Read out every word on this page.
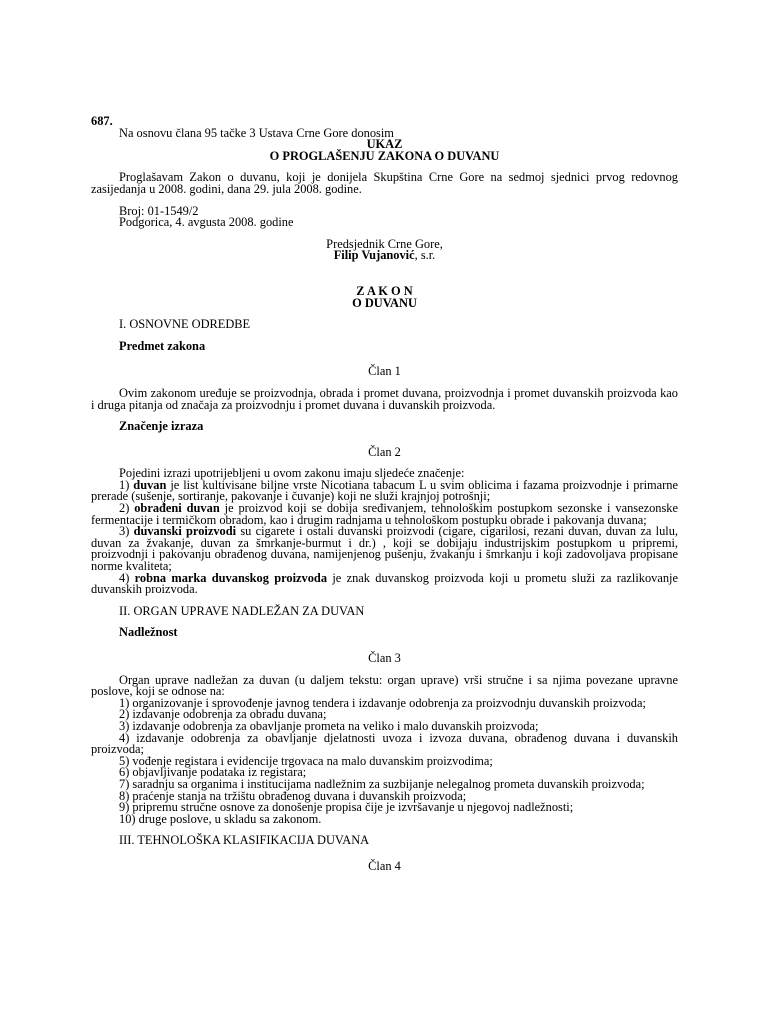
687.

Na osnovu člana 95 tačke 3 Ustava Crne Gore donosim

UKAZ

O PROGLAŠENJU ZAKONA O DUVANU

Proglašavam Zakon o duvanu, koji je donijela Skupština Crne Gore na sedmoj sjednici prvog redovnog zasijedanja u 2008. godini, dana 29. jula 2008. godine.

Broj: 01-1549/2

Podgorica, 4. avgusta 2008. godine

Predsjednik Crne Gore,

Filip Vujanović, s.r.

Z A K O N

O DUVANU

I. OSNOVNE ODREDBE

Predmet zakona

Član 1

Ovim zakonom uređuje se proizvodnja, obrada i promet duvana, proizvodnja i promet duvanskih proizvoda kao i druga pitanja od značaja za proizvodnju i promet duvana i duvanskih proizvoda.

Značenje izraza

Član 2

Pojedini izrazi upotrijebljeni u ovom zakonu imaju sljedeće značenje:

1) duvan je list kultivisane biljne vrste Nicotiana tabacum L u svim oblicima i fazama proizvodnje i primarne prerade (sušenje, sortiranje, pakovanje i čuvanje) koji ne služi krajnjoj potrošnji;

2) obrađeni duvan je proizvod koji se dobija sređivanjem, tehnološkim postupkom sezonske i vansezonske fermentacije i termičkom obradom, kao i drugim radnjama u tehnološkom postupku obrade i pakovanja duvana;

3) duvanski proizvodi su cigarete i ostali duvanski proizvodi (cigare, cigarilosi, rezani duvan, duvan za lulu, duvan za žvakanje, duvan za šmrkanje-burmut i dr.) , koji se dobijaju industrijskim postupkom u pripremi, proizvodnji i pakovanju obrađenog duvana, namijenjenog pušenju, žvakanju i šmrkanju i koji zadovoljava propisane norme kvaliteta;

4) robna marka duvanskog proizvoda je znak duvanskog proizvoda koji u prometu služi za razlikovanje duvanskih proizvoda.

II. ORGAN UPRAVE NADLEŽAN ZA DUVAN

Nadležnost

Član 3

Organ uprave nadležan za duvan (u daljem tekstu: organ uprave) vrši stručne i sa njima povezane upravne poslove, koji se odnose na:

1) organizovanje i sprovođenje javnog tendera i izdavanje odobrenja za proizvodnju duvanskih proizvoda;

2) izdavanje odobrenja za obradu duvana;

3) izdavanje odobrenja za obavljanje prometa na veliko i malo duvanskih proizvoda;

4) izdavanje odobrenja za obavljanje djelatnosti uvoza i izvoza duvana, obrađenog duvana i duvanskih proizvoda;

5) vođenje registara i evidencije trgovaca na malo duvanskim proizvodima;

6) objavljivanje podataka iz registara;

7) saradnju sa organima i institucijama nadležnim za suzbijanje nelegalnog prometa duvanskih proizvoda;

8) praćenje stanja na tržištu obrađenog duvana i duvanskih proizvoda;

9) pripremu stručne osnove za donošenje propisa čije je izvršavanje u njegovoj nadležnosti;

10) druge poslove, u skladu sa zakonom.

III. TEHNOLOŠKA KLASIFIKACIJA DUVANA

Član 4
